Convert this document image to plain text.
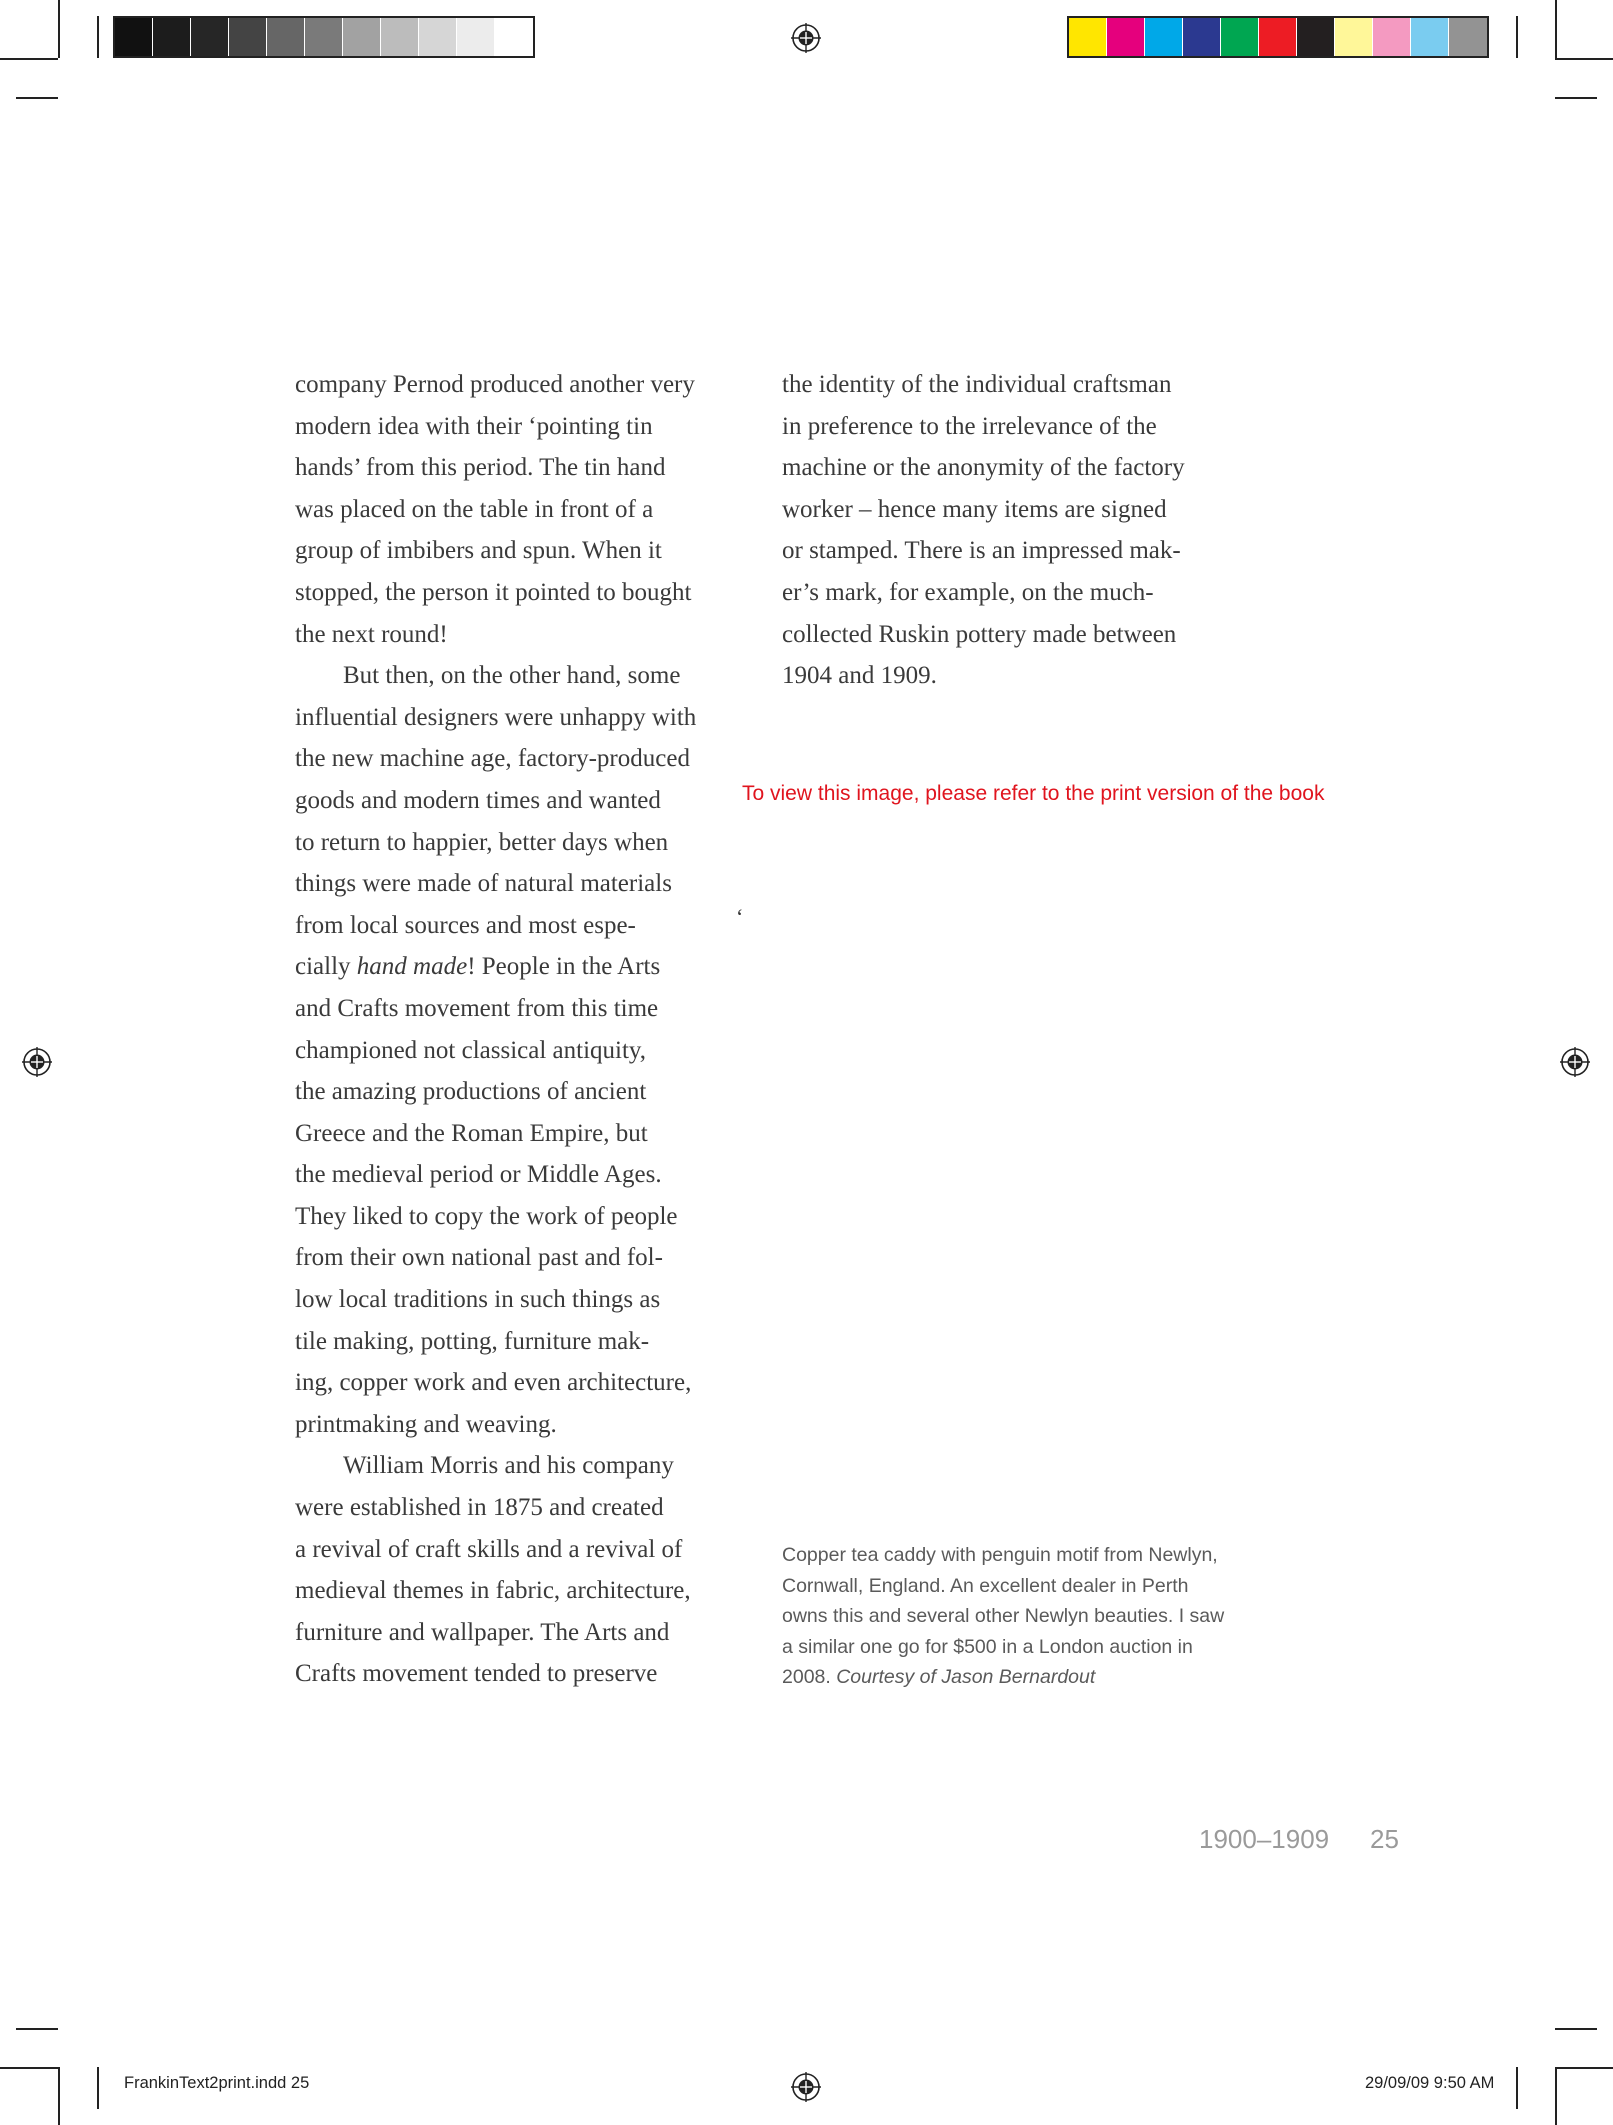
company Pernod produced another very
modern idea with their ‘pointing tin
hands’ from this period. The tin hand
was placed on the table in front of a
group of imbibers and spun. When it
stopped, the person it pointed to bought
the next round!

But then, on the other hand, some
influential designers were unhappy with
the new machine age, factory-produced
goods and modern times and wanted
to return to happier, better days when
things were made of natural materials
from local sources and most espe-
cially hand made! People in the Arts
and Crafts movement from this time
championed not classical antiquity,
the amazing productions of ancient
Greece and the Roman Empire, but
the medieval period or Middle Ages.
They liked to copy the work of people
from their own national past and fol-
low local traditions in such things as
tile making, potting, furniture mak-
ing, copper work and even architecture,
printmaking and weaving.

William Morris and his company
were established in 1875 and created
a revival of craft skills and a revival of
medieval themes in fabric, architecture,
furniture and wallpaper. The Arts and
Crafts movement tended to preserve

the identity of the individual craftsman
in preference to the irrelevance of the
machine or the anonymity of the factory
worker – hence many items are signed
or stamped. There is an impressed mak-
er’s mark, for example, on the much-
collected Ruskin pottery made between
1904 and 1909.
To view this image, please refer to the print version of the book
‘
Copper tea caddy with penguin motif from Newlyn,
Cornwall, England. An excellent dealer in Perth
owns this and several other Newlyn beauties. I saw
a similar one go for $500 in a London auction in
2008. Courtesy of Jason Bernardout
1900–1909 25
FrankinText2print.indd 25	29/09/09 9:50 AM
